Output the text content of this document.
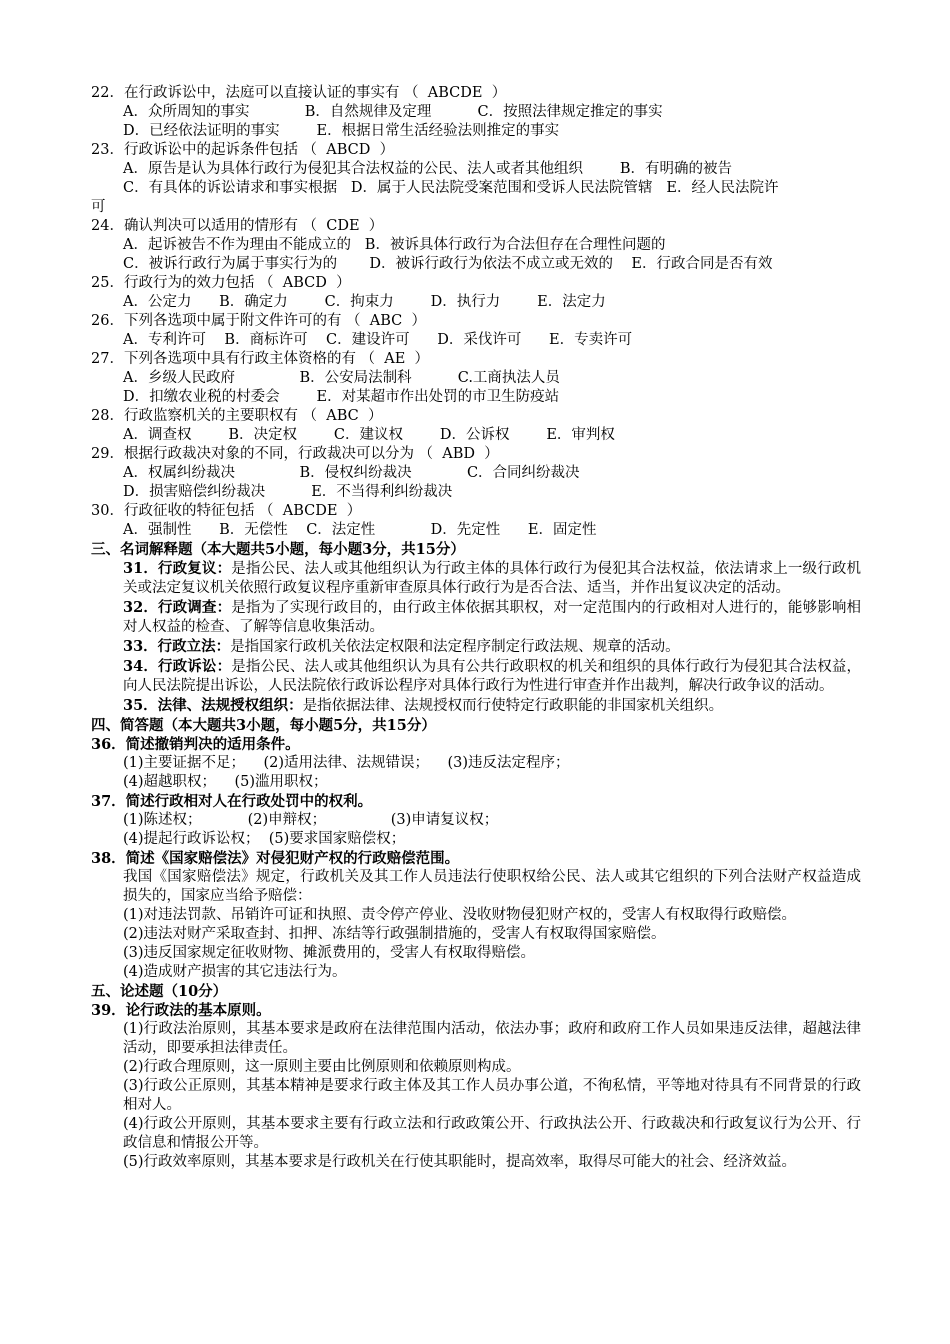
22．在行政诉讼中，法庭可以直接认证的事实有 （  ABCDE  ）
A．众所周知的事实            B．自然规律及定理          C．按照法律规定推定的事实
D．已经依法证明的事实        E．根据日常生活经验法则推定的事实
23．行政诉讼中的起诉条件包括 （  ABCD  ）
A．原告是认为具体行政行为侵犯其合法权益的公民、法人或者其他组织        B．有明确的被告
C．有具体的诉讼请求和事实根据   D．属于人民法院受案范围和受诉人民法院管辖   E．经人民法院许
可
24．确认判决可以适用的情形有 （  CDE  ）
A．起诉被告不作为理由不能成立的   B．被诉具体行政行为合法但存在合理性问题的
C．被诉行政行为属于事实行为的       D．被诉行政行为依法不成立或无效的    E．行政合同是否有效
25．行政行为的效力包括 （  ABCD  ）
A．公定力      B．确定力        C．拘束力        D．执行力        E．法定力
26．下列各选项中属于附文件许可的有 （  ABC  ）
A．专利许可    B．商标许可    C．建设许可      D．采伐许可      E．专卖许可
27．下列各选项中具有行政主体资格的有 （  AE  ）
A．乡级人民政府              B．公安局法制科          C.工商执法人员
D．扣缴农业税的村委会        E．对某超市作出处罚的市卫生防疫站
28．行政监察机关的主要职权有 （  ABC  ）
A．调查权        B．决定权        C．建议权        D．公诉权        E．审判权
29．根据行政裁决对象的不同，行政裁决可以分为 （  ABD  ）
A．权属纠纷裁决              B．侵权纠纷裁决            C．合同纠纷裁决
D．损害赔偿纠纷裁决          E．不当得利纠纷裁决
30．行政征收的特征包括 （  ABCDE  ）
A．强制性      B．无偿性    C．法定性            D．先定性      E．固定性
三、名词解释题（本大题共5小题，每小题3分，共15分）
31．行政复议：是指公民、法人或其他组织认为行政主体的具体行政行为侵犯其合法权益，依法请求上一级行政机关或法定复议机关依照行政复议程序重新审查原具体行政行为是否合法、适当，并作出复议决定的活动。
32．行政调查：是指为了实现行政目的，由行政主体依据其职权，对一定范围内的行政相对人进行的，能够影响相对人权益的检查、了解等信息收集活动。
33．行政立法：是指国家行政机关依法定权限和法定程序制定行政法规、规章的活动。
34．行政诉讼：是指公民、法人或其他组织认为具有公共行政职权的机关和组织的具体行政行为侵犯其合法权益，向人民法院提出诉讼，人民法院依行政诉讼程序对具体行政行为性进行审查并作出裁判，解决行政争议的活动。
35．法律、法规授权组织：是指依据法律、法规授权而行使特定行政职能的非国家机关组织。
四、简答题（本大题共3小题，每小题5分，共15分）
36．简述撤销判决的适用条件。
(1)主要证据不足；    (2)适用法律、法规错误；    (3)违反法定程序；
(4)超越职权；    (5)滥用职权；
37．简述行政相对人在行政处罚中的权利。
(1)陈述权；          (2)申辩权；              (3)申请复议权；
(4)提起行政诉讼权；  (5)要求国家赔偿权；
38．简述《国家赔偿法》对侵犯财产权的行政赔偿范围。
我国《国家赔偿法》规定，行政机关及其工作人员违法行使职权给公民、法人或其它组织的下列合法财产权益造成损失的，国家应当给予赔偿：
(1)对违法罚款、吊销许可证和执照、责令停产停业、没收财物侵犯财产权的，受害人有权取得行政赔偿。
(2)违法对财产采取查封、扣押、冻结等行政强制措施的，受害人有权取得国家赔偿。
(3)违反国家规定征收财物、摊派费用的，受害人有权取得赔偿。
(4)造成财产损害的其它违法行为。
五、论述题（10分）
39．论行政法的基本原则。
(1)行政法治原则，其基本要求是政府在法律范围内活动，依法办事；政府和政府工作人员如果违反法律，超越法律活动，即要承担法律责任。
(2)行政合理原则，这一原则主要由比例原则和依赖原则构成。
(3)行政公正原则，其基本精神是要求行政主体及其工作人员办事公道，不徇私情，平等地对待具有不同背景的行政相对人。
(4)行政公开原则，其基本要求主要有行政立法和行政政策公开、行政执法公开、行政裁决和行政复议行为公开、行政信息和情报公开等。
(5)行政效率原则，其基本要求是行政机关在行使其职能时，提高效率，取得尽可能大的社会、经济效益。
